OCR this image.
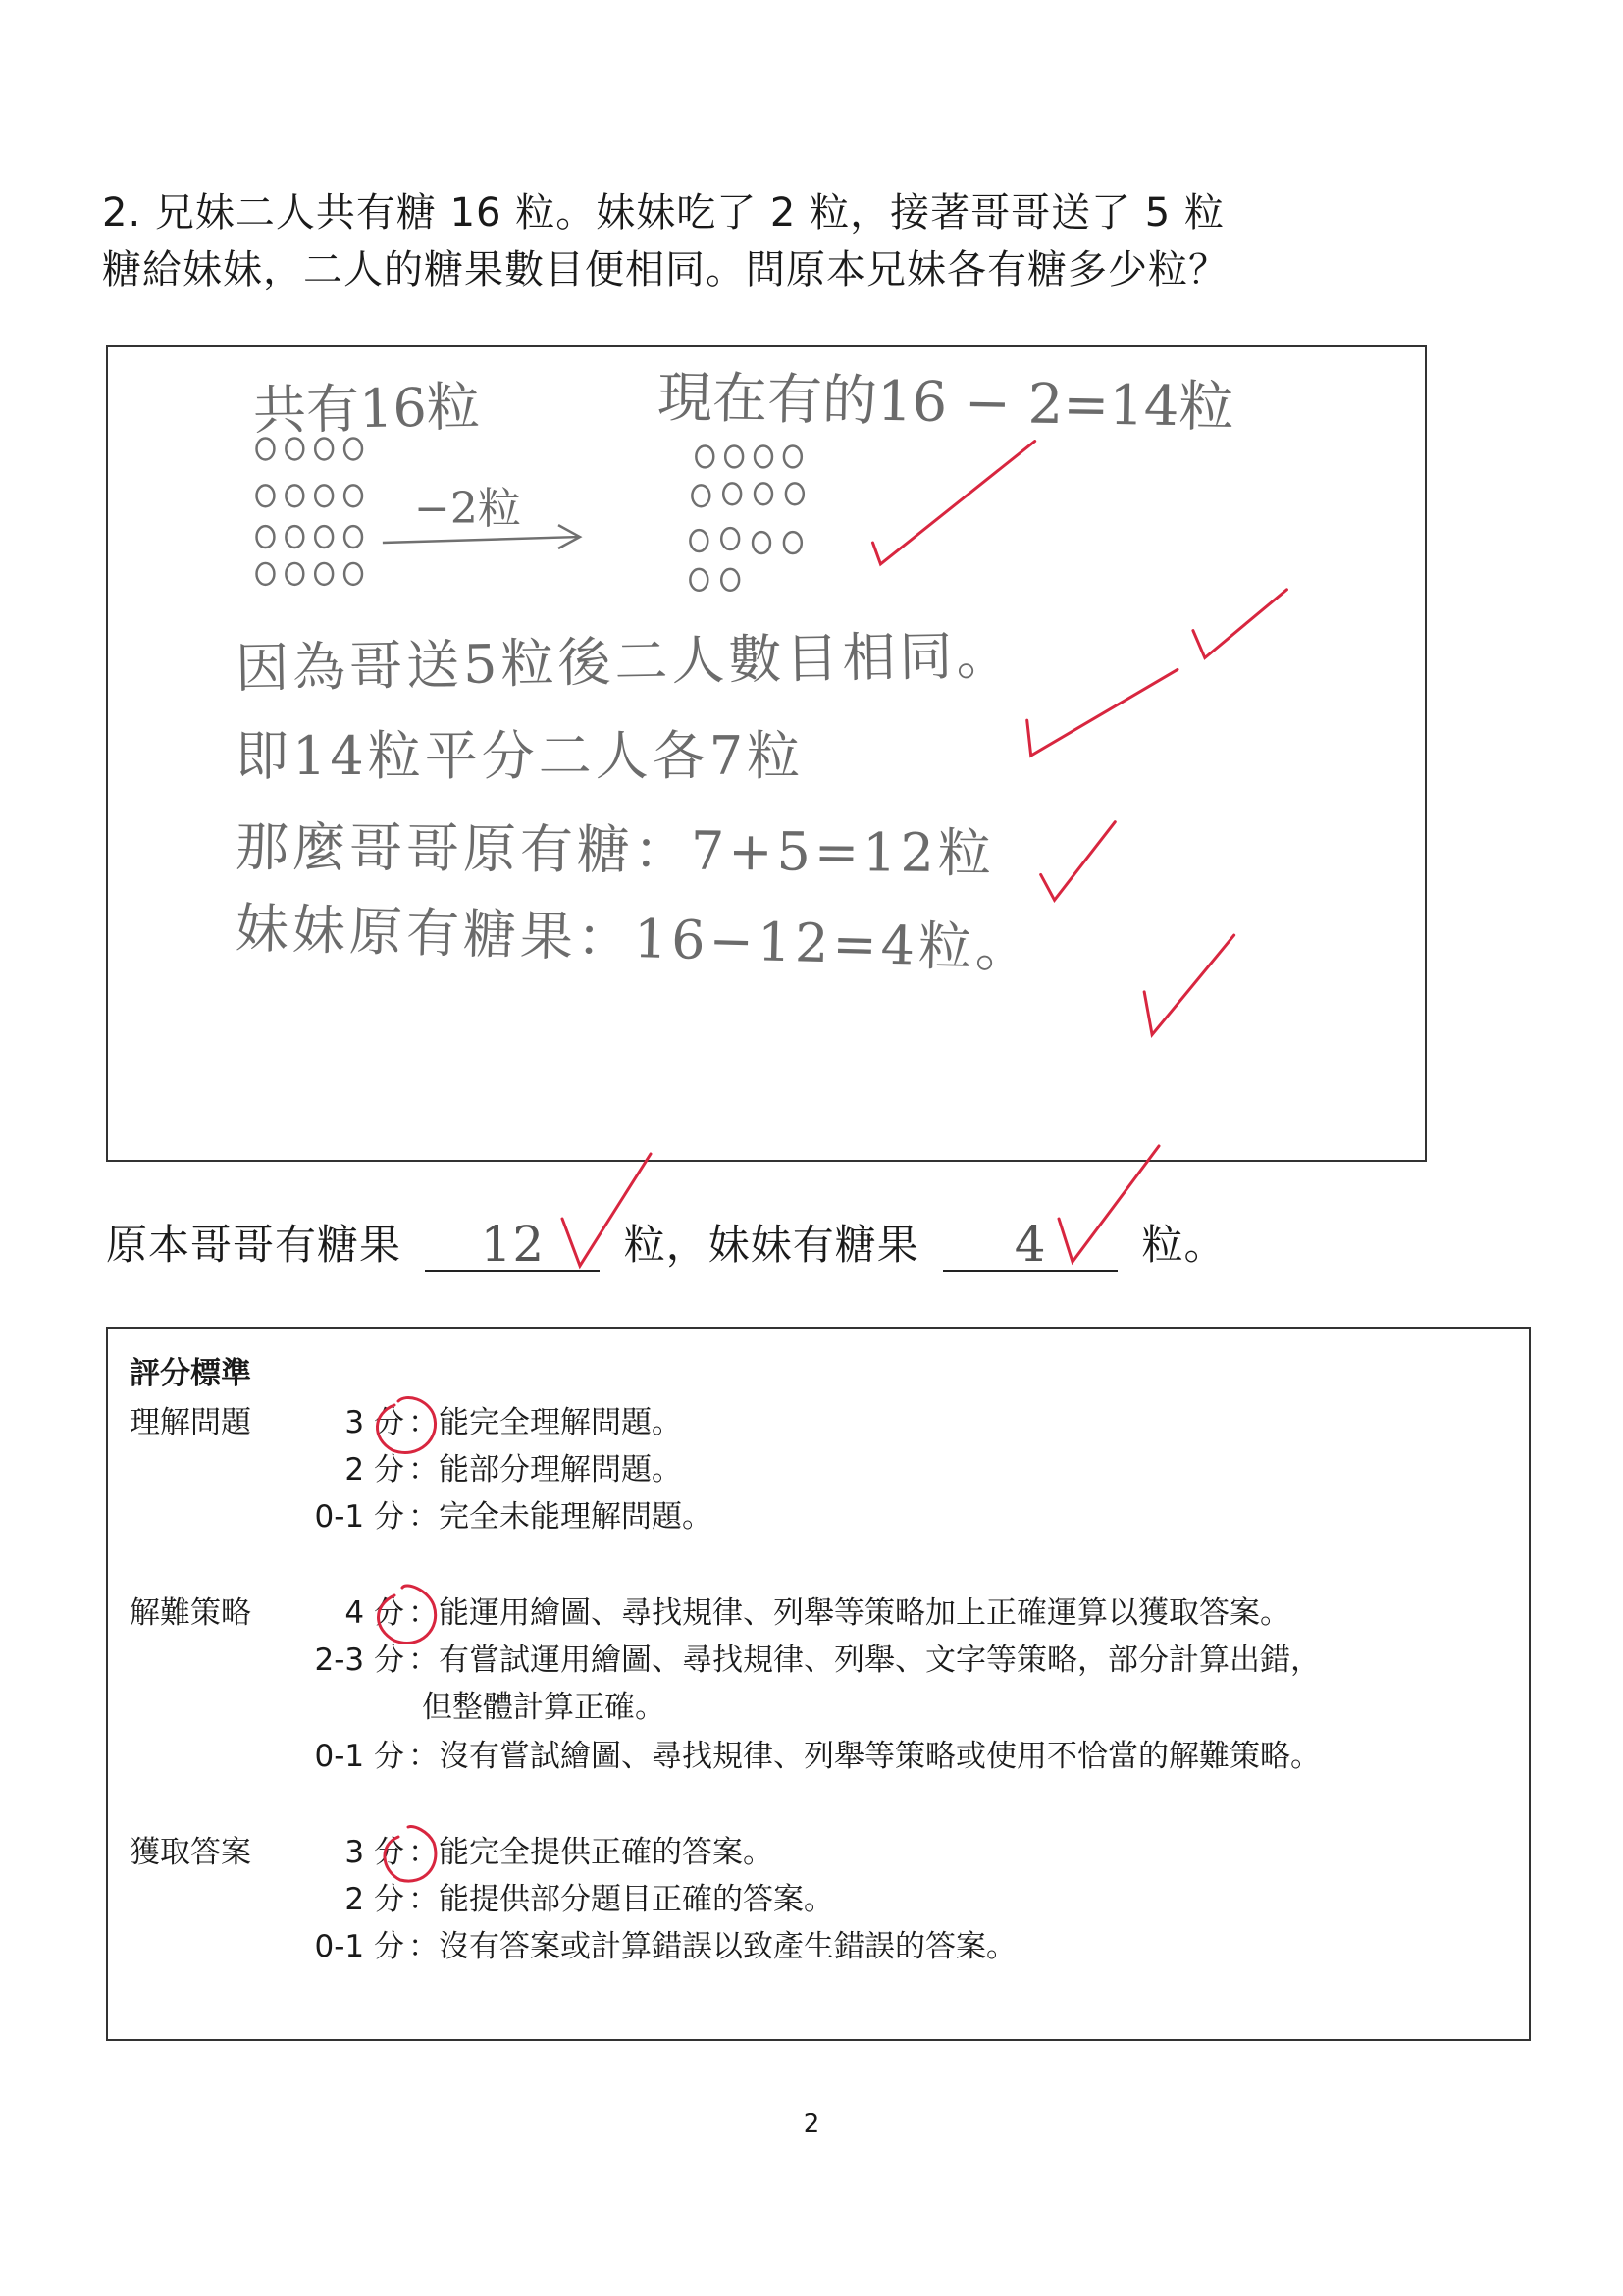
2. 兄妹二人共有糖 16 粒。妹妹吃了 2 粒，接著哥哥送了 5 粒
糖給妹妹，二人的糖果數目便相同。問原本兄妹各有糖多少粒？
共有16粒	現在有的16 − 2=14粒
−2粒
因為哥送5粒後二人數目相同。
即14粒平分二人各7粒
那麼哥哥原有糖：7+5=12粒
妹妹原有糖果：16−12=4粒。
原本哥哥有糖果 12 粒，妹妹有糖果 4 粒。
評分標準
理解問題	3 分 ：能完全理解問題。
2 分 ：能部分理解問題。
0-1 分 ：完全未能理解問題。
解難策略	4 分 ：能運用繪圖、尋找規律、列舉等策略加上正確運算以獲取答案。
2-3 分 ：有嘗試運用繪圖、尋找規律、列舉、文字等策略，部分計算出錯，
但整體計算正確。
0-1 分 ：沒有嘗試繪圖、尋找規律、列舉等策略或使用不恰當的解難策略。
獲取答案	3 分 ：能完全提供正確的答案。
2 分 ：能提供部分題目正確的答案。
0-1 分 ：沒有答案或計算錯誤以致產生錯誤的答案。
2
